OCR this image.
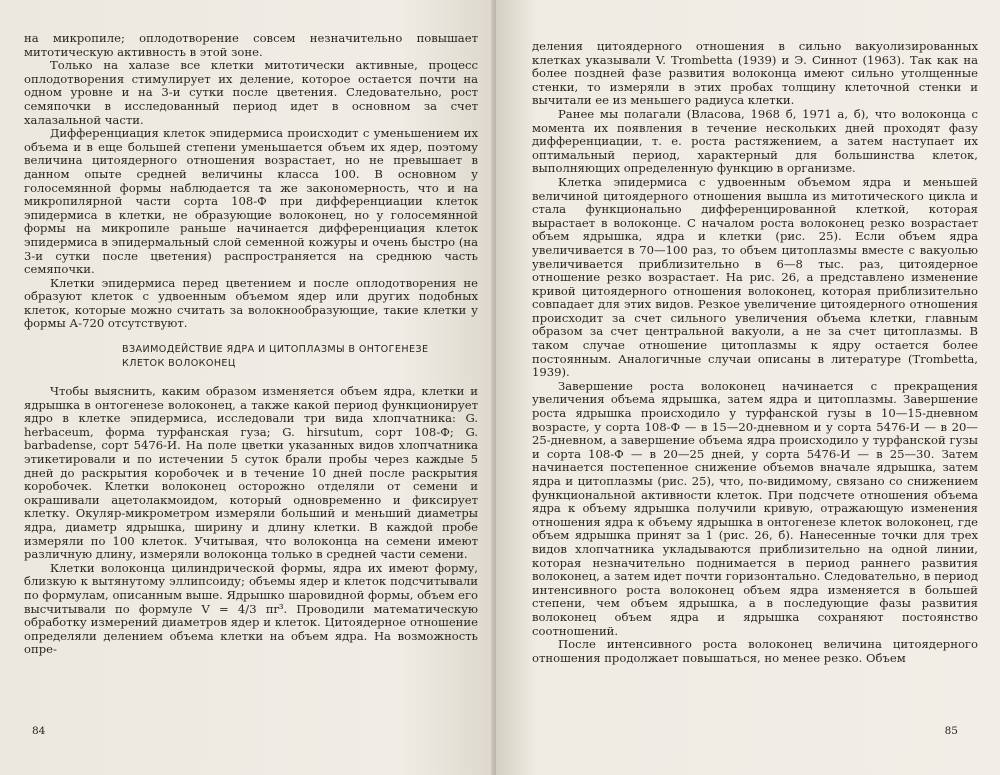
на микропиле; оплодотворение совсем незначительно повышает митотическую активность в этой зоне.

Только на халазе все клетки митотически активные, процесс оплодотворения стимулирует их деление, которое остается почти на одном уровне и на 3-и сутки после цветения. Следовательно, рост семяпочки в исследованный период идет в основном за счет халазальной части.

Дифференциация клеток эпидермиса происходит с уменьшением их объема и в еще большей степени уменьшается объем их ядер, поэтому величина цитоядерного отношения возрастает, но не превышает в данном опыте средней величины класса 100. В основном у голосемянной формы наблюдается та же закономерность, что и на микропилярной части сорта 108-Ф при дифференциации клеток эпидермиса в клетки, не образующие волоконец, но у голосемянной формы на микропиле раньше начинается дифференциация клеток эпидермиса в эпидермальный слой семенной кожуры и очень быстро (на 3-и сутки после цветения) распространяется на среднюю часть семяпочки.

Клетки эпидермиса перед цветением и после оплодотворения не образуют клеток с удвоенным объемом ядер или других подобных клеток, которые можно считать за волокнообразующие, такие клетки у формы А-720 отсутствуют.

ВЗАИМОДЕЙСТВИЕ ЯДРА И ЦИТОПЛАЗМЫ В ОНТОГЕНЕЗЕ КЛЕТОК ВОЛОКОНЕЦ

Чтобы выяснить, каким образом изменяется объем ядра, клетки и ядрышка в онтогенезе волоконец, а также какой период функционирует ядро в клетке эпидермиса, исследовали три вида хлопчатника: G. herbaceum, форма турфанская гуза; G. hirsutum, сорт 108-Ф; G. barbadense, сорт 5476-И. На поле цветки указанных видов хлопчатника этикетировали и по истечении 5 суток брали пробы через каждые 5 дней до раскрытия коробочек и в течение 10 дней после раскрытия коробочек. Клетки волоконец осторожно отделяли от семени и окрашивали ацетолакмоидом, который одновременно и фиксирует клетку. Окуляр-микрометром измеряли больший и меньший диаметры ядра, диаметр ядрышка, ширину и длину клетки. В каждой пробе измеряли по 100 клеток. Учитывая, что волоконца на семени имеют различную длину, измеряли волоконца только в средней части семени.

Клетки волоконца цилиндрической формы, ядра их имеют форму, близкую к вытянутому эллипсоиду; объемы ядер и клеток подсчитывали по формулам, описанным выше. Ядрышко шаровидной формы, объем его высчитывали по формуле V = 4/3 πr³. Проводили математическую обработку измерений диаметров ядер и клеток. Цитоядерное отношение определяли делением объема клетки на объем ядра. На возможность опре-

84

деления цитоядерного отношения в сильно вакуолизированных клетках указывали V. Trombetta (1939) и Э. Синнот (1963). Так как на более поздней фазе развития волоконца имеют сильно утолщенные стенки, то измеряли в этих пробах толщину клеточной стенки и вычитали ее из меньшего радиуса клетки.

Ранее мы полагали (Власова, 1968 б, 1971 а, б), что волоконца с момента их появления в течение нескольких дней проходят фазу дифференциации, т. е. роста растяжением, а затем наступает их оптимальный период, характерный для большинства клеток, выполняющих определенную функцию в организме.

Клетка эпидермиса с удвоенным объемом ядра и меньшей величиной цитоядерного отношения вышла из митотического цикла и стала функционально дифференцированной клеткой, которая вырастает в волоконце. С началом роста волоконец резко возрастает объем ядрышка, ядра и клетки (рис. 25). Если объем ядра увеличивается в 70—100 раз, то объем цитоплазмы вместе с вакуолью увеличивается приблизительно в 6—8 тыс. раз, цитоядерное отношение резко возрастает. На рис. 26, а представлено изменение кривой цитоядерного отношения волоконец, которая приблизительно совпадает для этих видов. Резкое увеличение цитоядерного отношения происходит за счет сильного увеличения объема клетки, главным образом за счет центральной вакуоли, а не за счет цитоплазмы. В таком случае отношение цитоплазмы к ядру остается более постоянным. Аналогичные случаи описаны в литературе (Trombetta, 1939).

Завершение роста волоконец начинается с прекращения увеличения объема ядрышка, затем ядра и цитоплазмы. Завершение роста ядрышка происходило у турфанской гузы в 10—15-дневном возрасте, у сорта 108-Ф — в 15—20-дневном и у сорта 5476-И — в 20—25-дневном, а завершение объема ядра происходило у турфанской гузы и сорта 108-Ф — в 20—25 дней, у сорта 5476-И — в 25—30. Затем начинается постепенное снижение объемов вначале ядрышка, затем ядра и цитоплазмы (рис. 25), что, по-видимому, связано со снижением функциональной активности клеток. При подсчете отношения объема ядра к объему ядрышка получили кривую, отражающую изменения отношения ядра к объему ядрышка в онтогенезе клеток волоконец, где объем ядрышка принят за 1 (рис. 26, б). Нанесенные точки для трех видов хлопчатника укладываются приблизительно на одной линии, которая незначительно поднимается в период раннего развития волоконец, а затем идет почти горизонтально. Следовательно, в период интенсивного роста волоконец объем ядра изменяется в большей степени, чем объем ядрышка, а в последующие фазы развития волоконец объем ядра и ядрышка сохраняют постоянство соотношений.

После интенсивного роста волоконец величина цитоядерного отношения продолжает повышаться, но менее резко. Объем

85
